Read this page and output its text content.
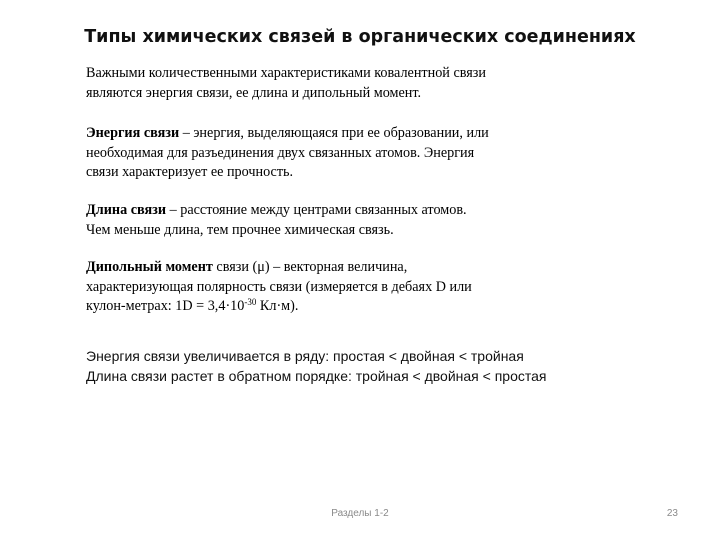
Типы химических связей в органических соединениях
Важными количественными характеристиками ковалентной связи
являются энергия связи, ее длина и дипольный момент.
Энергия связи – энергия, выделяющаяся при ее образовании, или
необходимая для разъединения двух связанных атомов. Энергия
связи характеризует ее прочность.
Длина связи – расстояние между центрами связанных атомов.
Чем меньше длина, тем прочнее химическая связь.
Дипольный момент связи (μ) – векторная величина,
характеризующая полярность связи (измеряется в дебаях D или
кулон-метрах: $1D = 3,4\cdot 10^{-30}$ Кл·м).
Энергия связи увеличивается в ряду: простая < двойная < тройная
Длина связи растет в обратном порядке: тройная < двойная < простая
Разделы 1-2	23
